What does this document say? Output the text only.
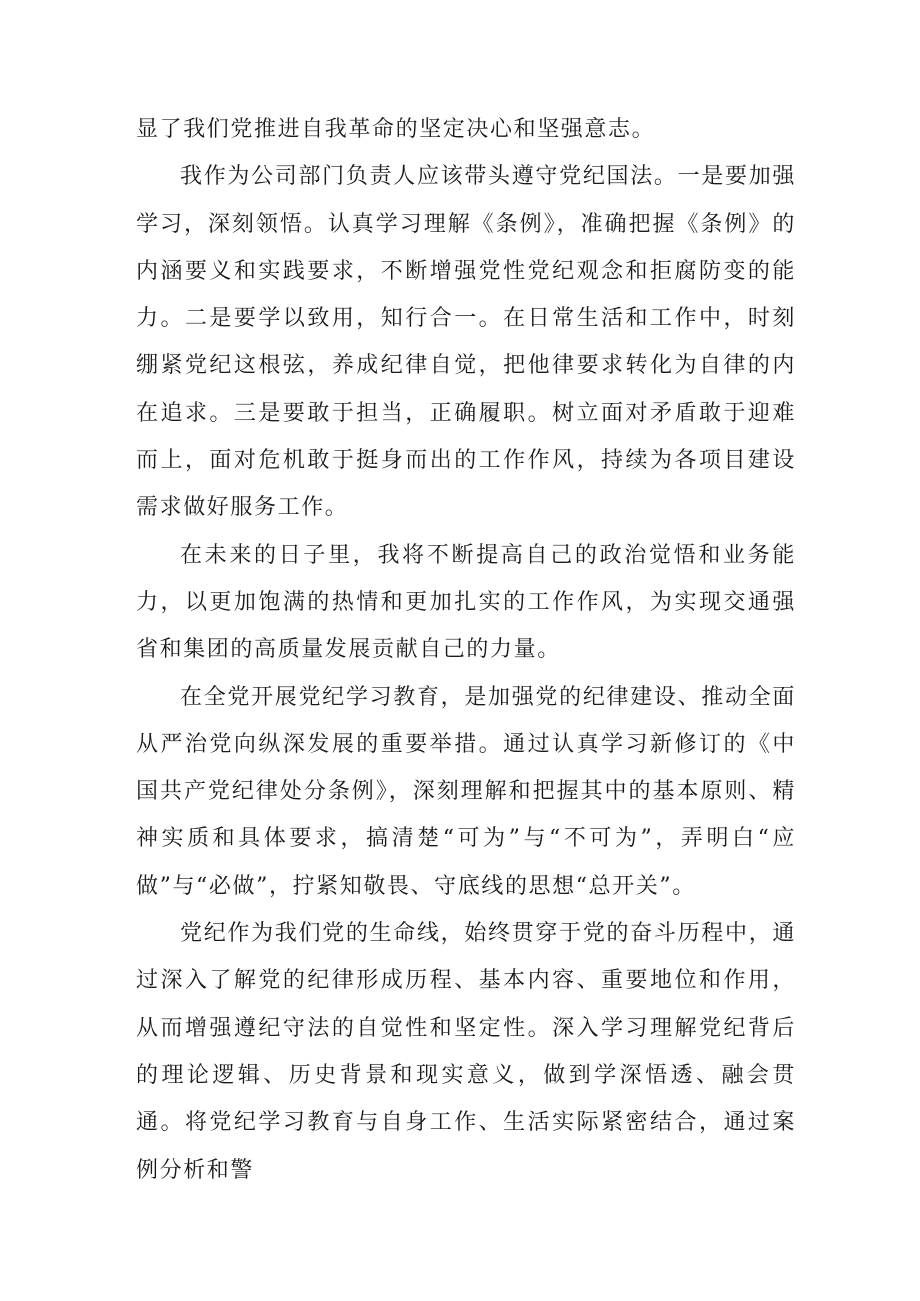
显了我们党推进自我革命的坚定决心和坚强意志。

我作为公司部门负责人应该带头遵守党纪国法。一是要加强学习，深刻领悟。认真学习理解《条例》，准确把握《条例》的内涵要义和实践要求，不断增强党性党纪观念和拒腐防变的能力。二是要学以致用，知行合一。在日常生活和工作中，时刻绷紧党纪这根弦，养成纪律自觉，把他律要求转化为自律的内在追求。三是要敢于担当，正确履职。树立面对矛盾敢于迎难而上，面对危机敢于挺身而出的工作作风，持续为各项目建设需求做好服务工作。

在未来的日子里，我将不断提高自己的政治觉悟和业务能力，以更加饱满的热情和更加扎实的工作作风，为实现交通强省和集团的高质量发展贡献自己的力量。

在全党开展党纪学习教育，是加强党的纪律建设、推动全面从严治党向纵深发展的重要举措。通过认真学习新修订的《中国共产党纪律处分条例》，深刻理解和把握其中的基本原则、精神实质和具体要求，搞清楚“可为”与“不可为”，弄明白“应做”与“必做”，拧紧知敬畏、守底线的思想“总开关”。

党纪作为我们党的生命线，始终贯穿于党的奋斗历程中，通过深入了解党的纪律形成历程、基本内容、重要地位和作用，从而增强遵纪守法的自觉性和坚定性。深入学习理解党纪背后的理论逻辑、历史背景和现实意义，做到学深悟透、融会贯通。将党纪学习教育与自身工作、生活实际紧密结合，通过案例分析和警
